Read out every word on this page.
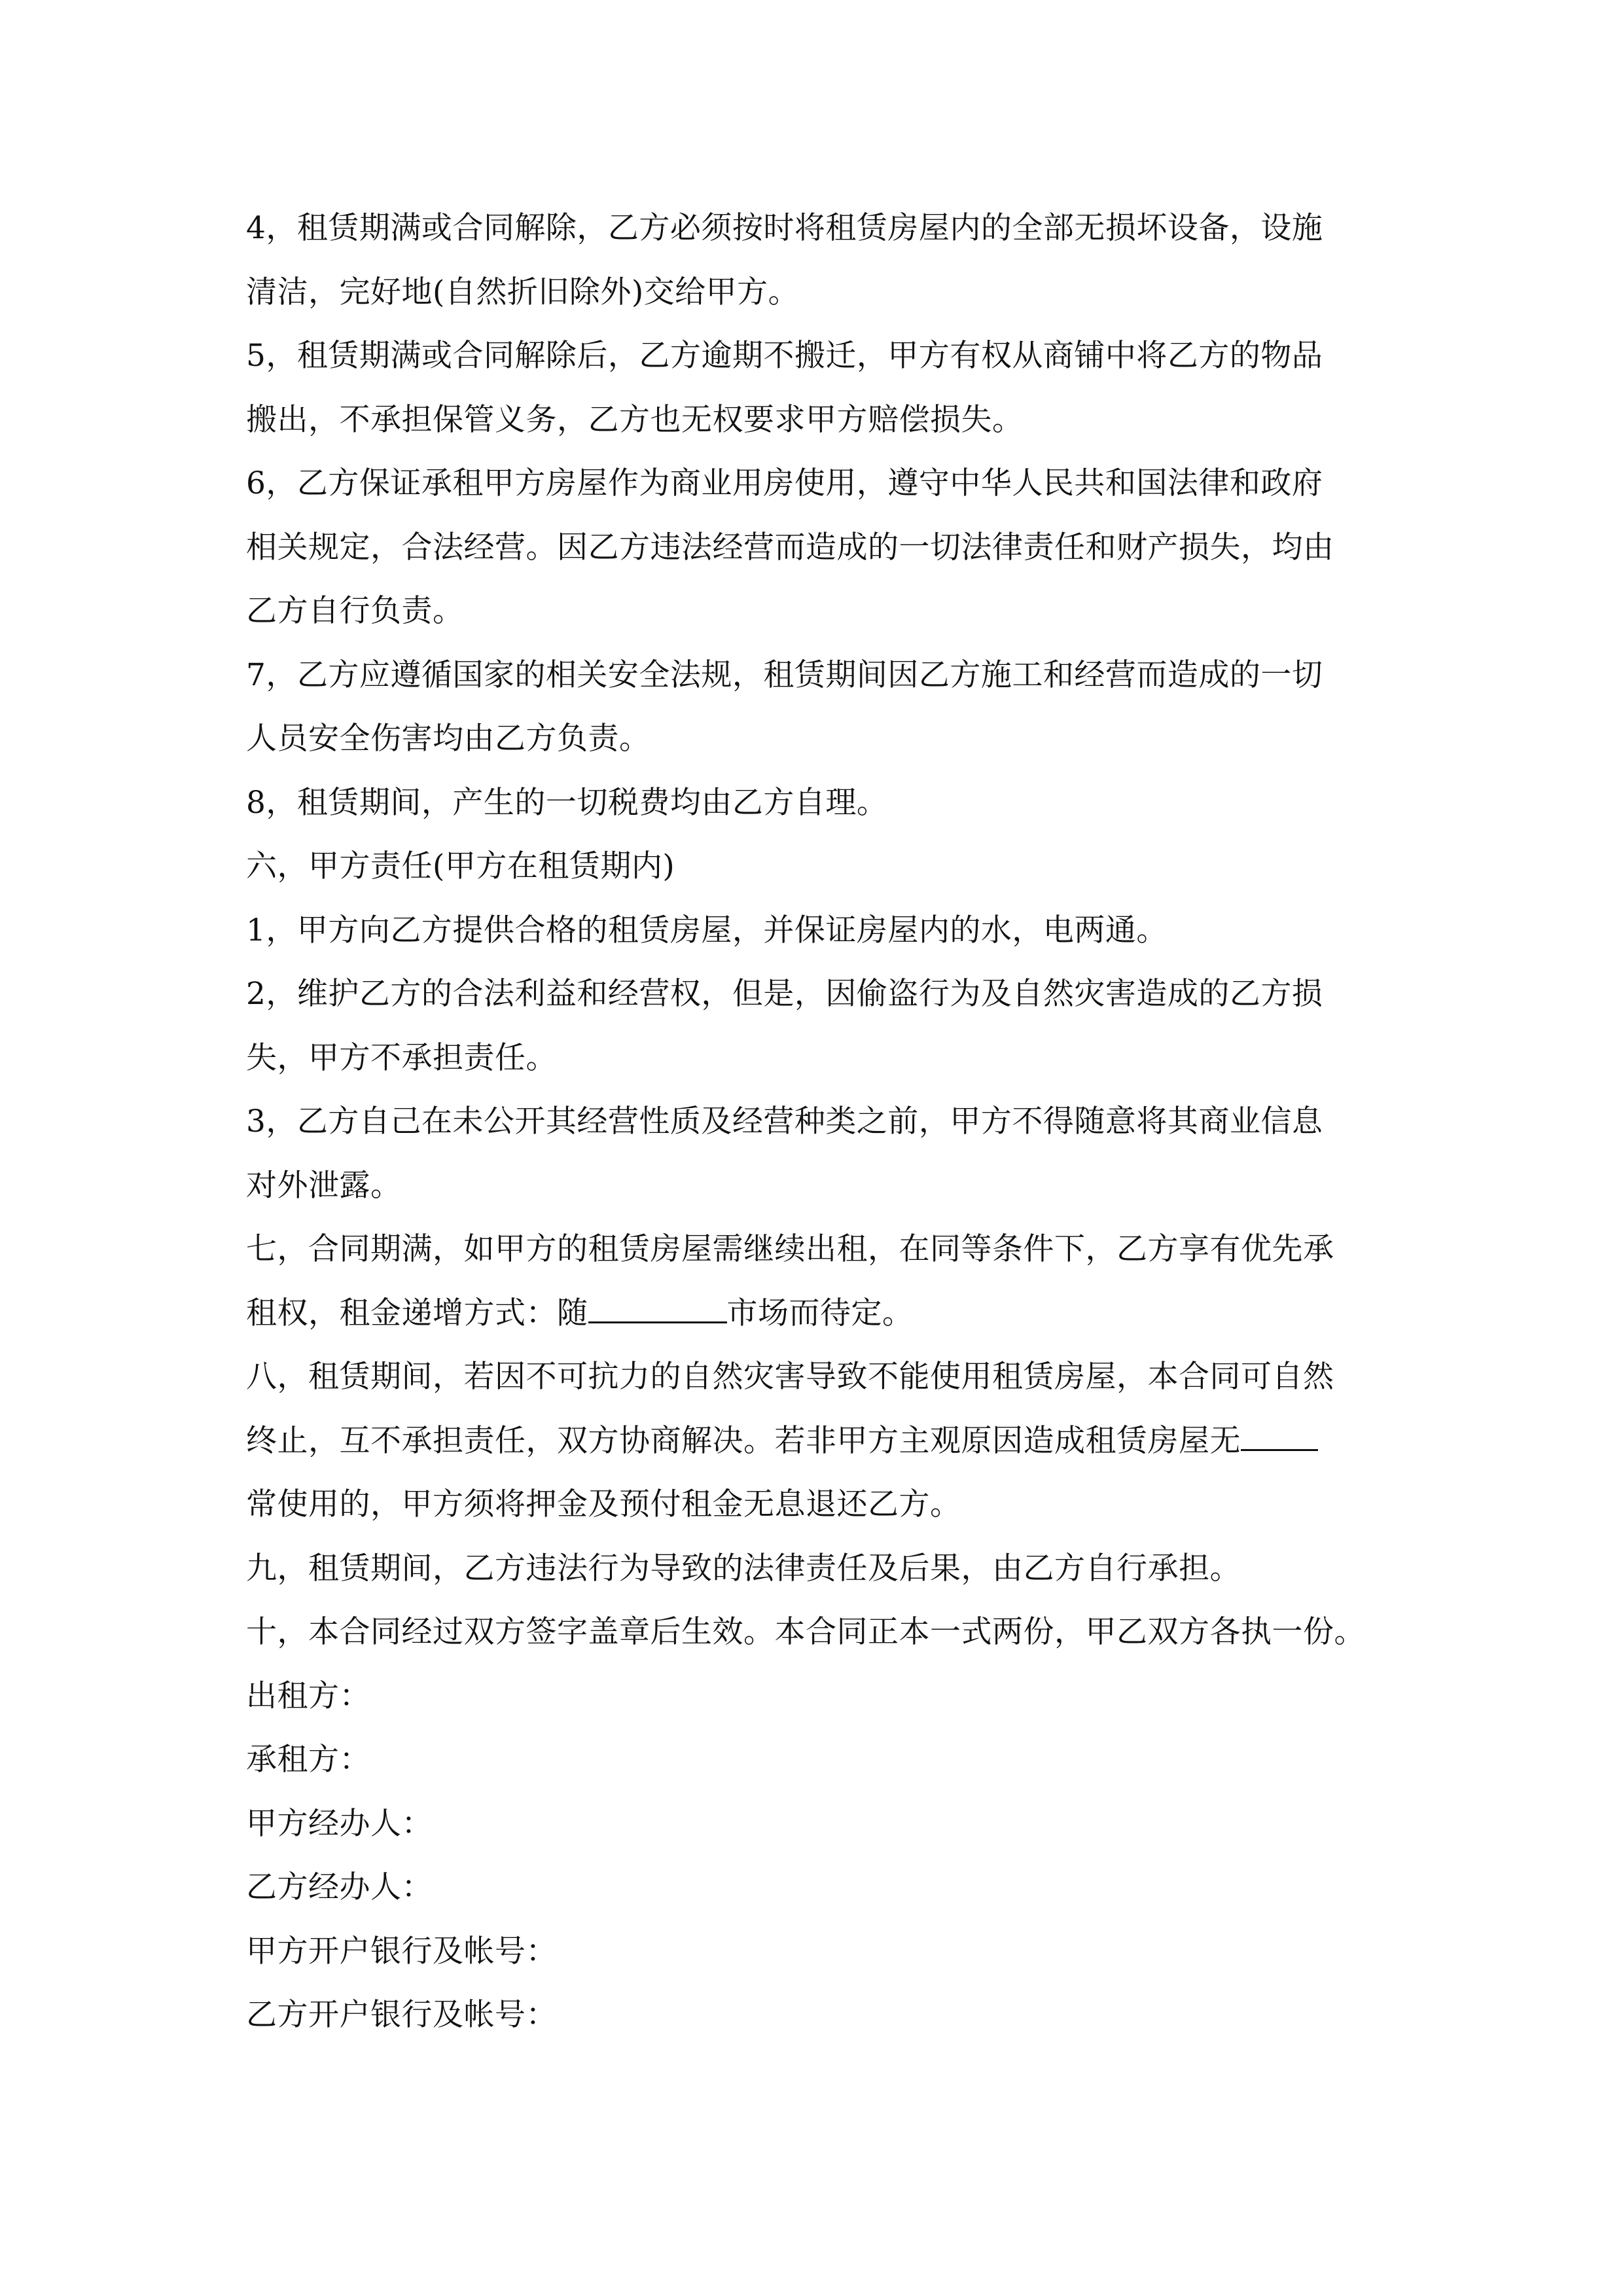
4，租赁期满或合同解除，乙方必须按时将租赁房屋内的全部无损坏设备，设施

清洁，完好地(自然折旧除外)交给甲方。

5，租赁期满或合同解除后，乙方逾期不搬迁，甲方有权从商铺中将乙方的物品

搬出，不承担保管义务，乙方也无权要求甲方赔偿损失。

6，乙方保证承租甲方房屋作为商业用房使用，遵守中华人民共和国法律和政府

相关规定，合法经营。因乙方违法经营而造成的一切法律责任和财产损失，均由

乙方自行负责。

7，乙方应遵循国家的相关安全法规，租赁期间因乙方施工和经营而造成的一切

人员安全伤害均由乙方负责。

8，租赁期间，产生的一切税费均由乙方自理。

六，甲方责任(甲方在租赁期内)

1，甲方向乙方提供合格的租赁房屋，并保证房屋内的水，电两通。

2，维护乙方的合法利益和经营权，但是，因偷盗行为及自然灾害造成的乙方损

失，甲方不承担责任。

3，乙方自己在未公开其经营性质及经营种类之前，甲方不得随意将其商业信息

对外泄露。

七，合同期满，如甲方的租赁房屋需继续出租，在同等条件下，乙方享有优先承

租权，租金递增方式：随	市场而待定。

八，租赁期间，若因不可抗力的自然灾害导致不能使用租赁房屋，本合同可自然

终止，互不承担责任，双方协商解决。若非甲方主观原因造成租赁房屋无

常使用的，甲方须将押金及预付租金无息退还乙方。

九，租赁期间，乙方违法行为导致的法律责任及后果，由乙方自行承担。

十，本合同经过双方签字盖章后生效。本合同正本一式两份，甲乙双方各执一份。

出租方：

承租方：

甲方经办人：

乙方经办人：

甲方开户银行及帐号：

乙方开户银行及帐号：
